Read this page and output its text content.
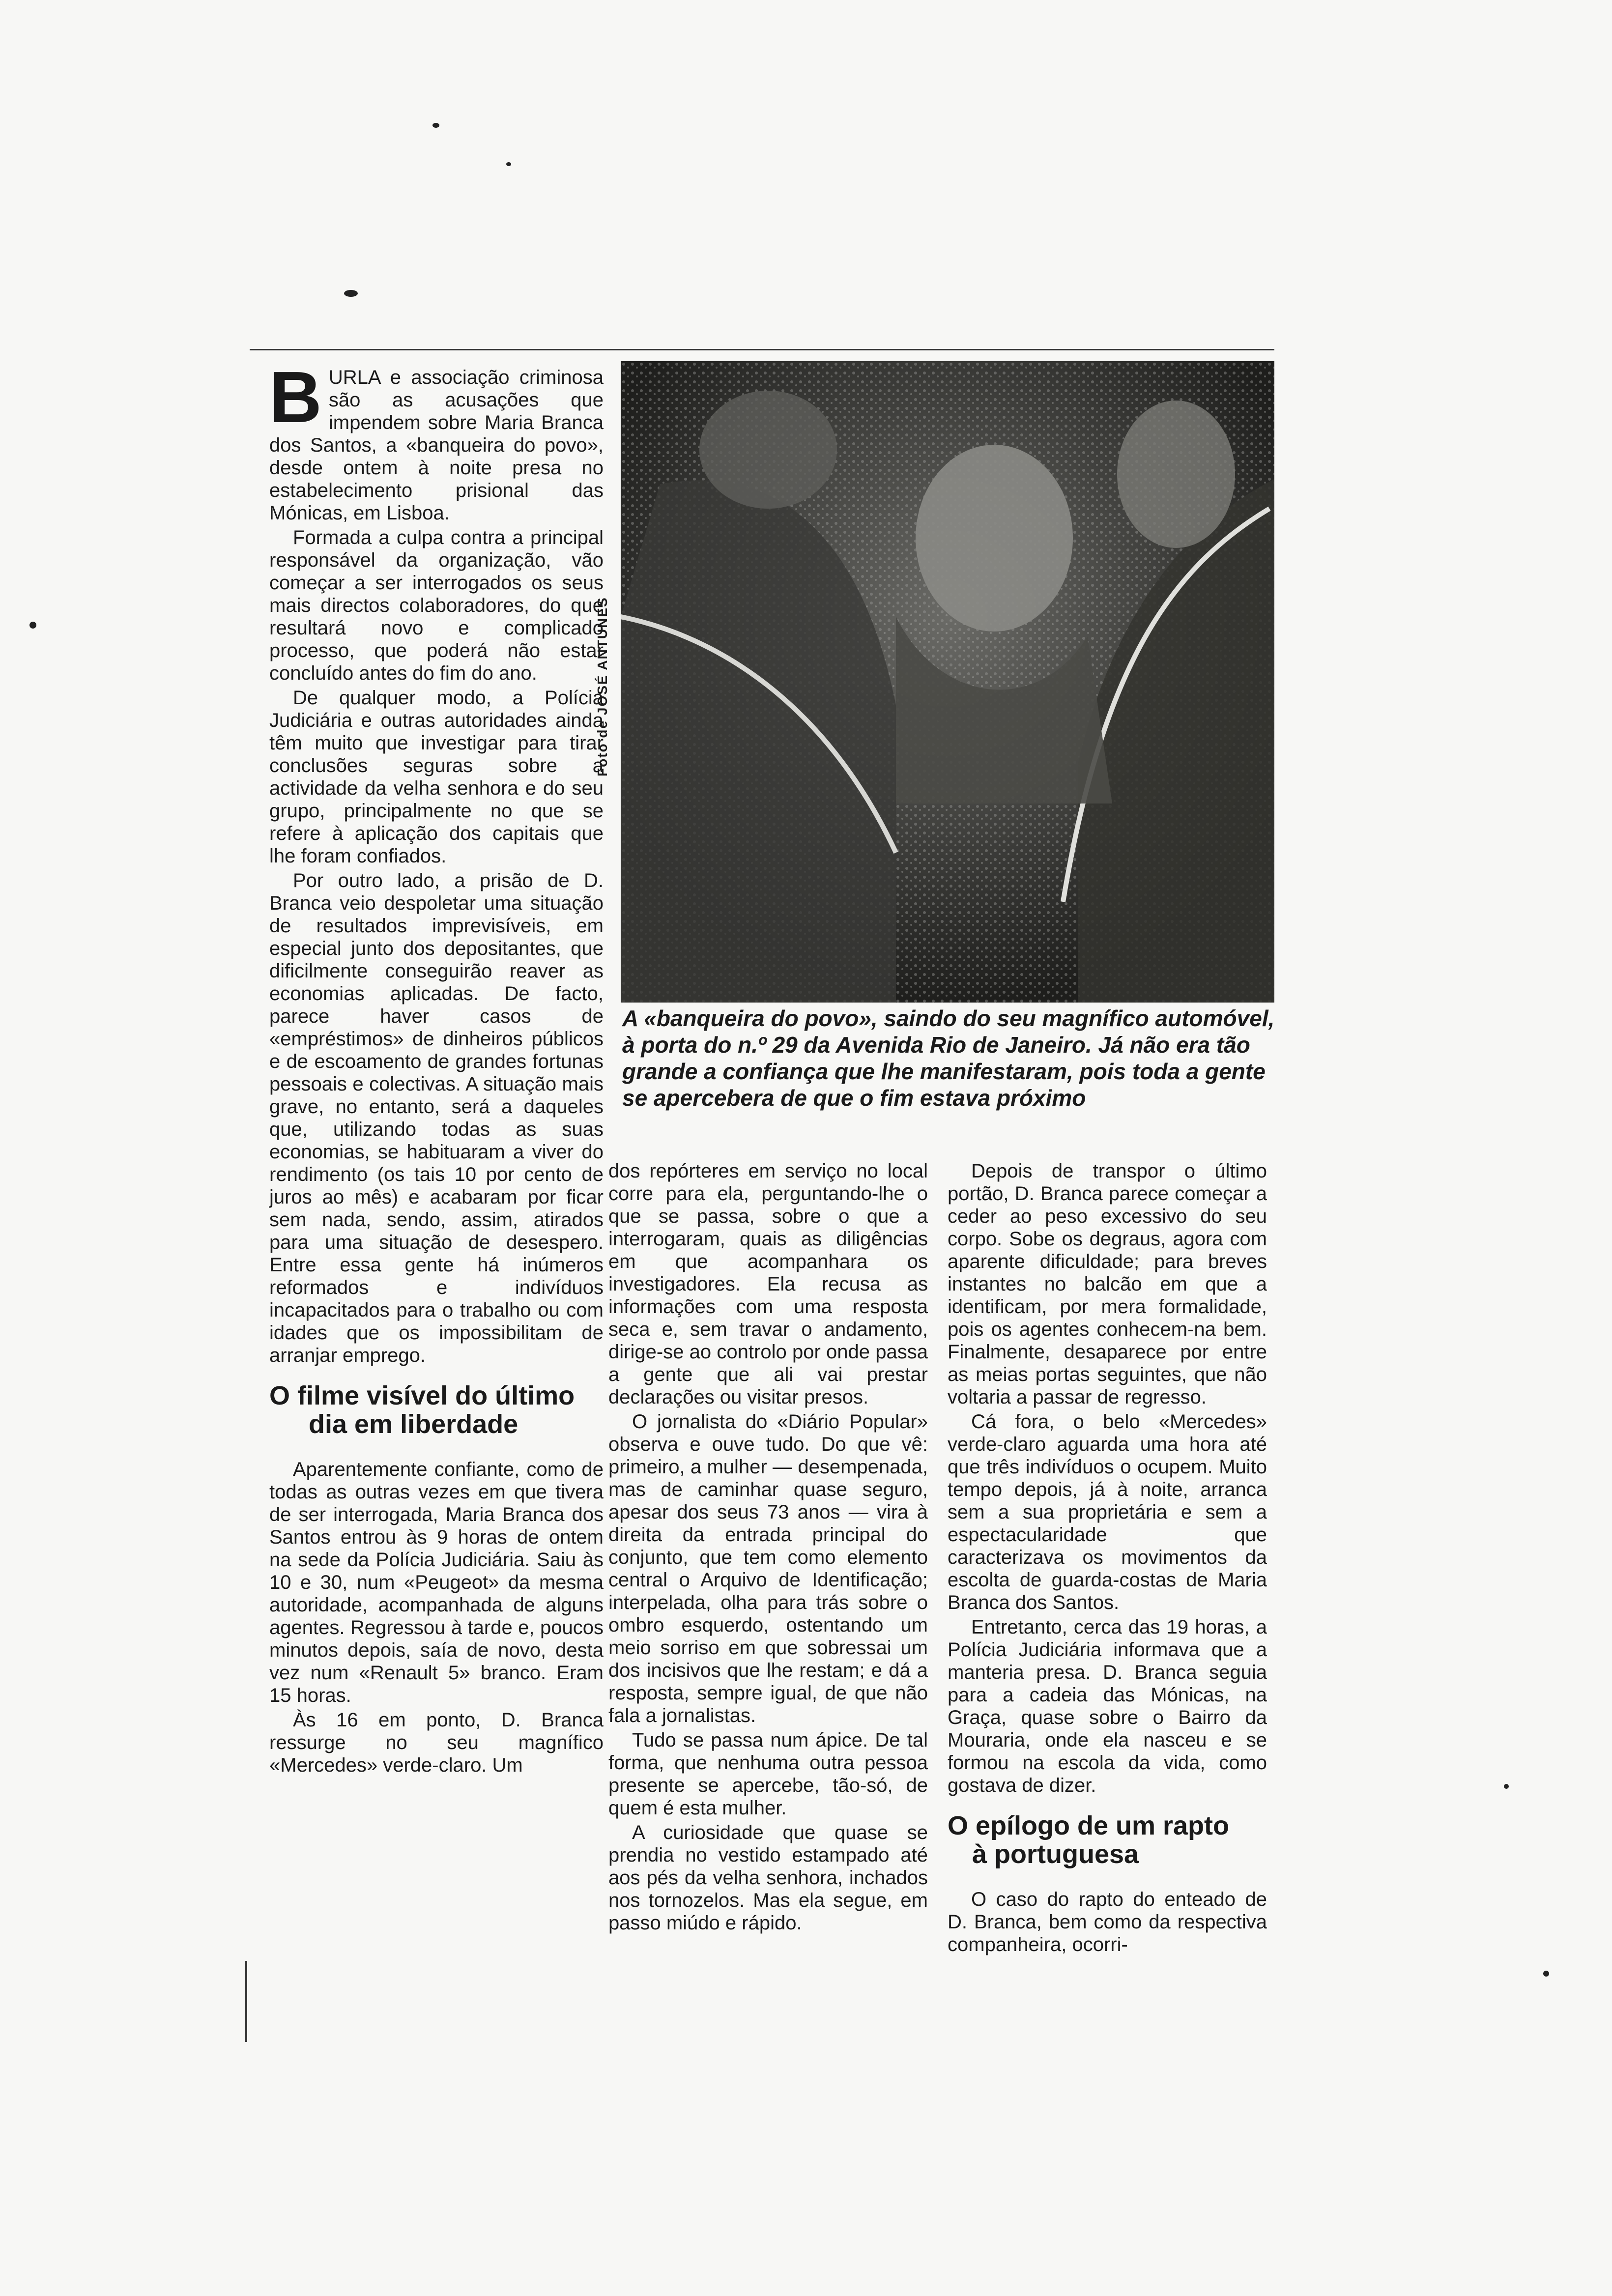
BURLA e associação criminosa são as acusações que impendem sobre Maria Branca dos Santos, a «banqueira do povo», desde ontem à noite presa no estabelecimento prisional das Mónicas, em Lisboa.

Formada a culpa contra a principal responsável da organização, vão começar a ser interrogados os seus mais directos colaboradores, do que resultará novo e complicado processo, que poderá não estar concluído antes do fim do ano.

De qualquer modo, a Polícia Judiciária e outras autoridades ainda têm muito que investigar para tirar conclusões seguras sobre a actividade da velha senhora e do seu grupo, principalmente no que se refere à aplicação dos capitais que lhe foram confiados.

Por outro lado, a prisão de D. Branca veio despoletar uma situação de resultados imprevisíveis, em especial junto dos depositantes, que dificilmente conseguirão reaver as economias aplicadas. De facto, parece haver casos de «empréstimos» de dinheiros públicos e de escoamento de grandes fortunas pessoais e colectivas. A situação mais grave, no entanto, será a daqueles que, utilizando todas as suas economias, se habituaram a viver do rendimento (os tais 10 por cento de juros ao mês) e acabaram por ficar sem nada, sendo, assim, atirados para uma situação de desespero. Entre essa gente há inúmeros reformados e indivíduos incapacitados para o trabalho ou com idades que os impossibilitam de arranjar emprego.

O filme visível do último
dia em liberdade

Aparentemente confiante, como de todas as outras vezes em que tivera de ser interrogada, Maria Branca dos Santos entrou às 9 horas de ontem na sede da Polícia Judiciária. Saiu às 10 e 30, num «Peugeot» da mesma autoridade, acompanhada de alguns agentes. Regressou à tarde e, poucos minutos depois, saía de novo, desta vez num «Renault 5» branco. Eram 15 horas.

Às 16 em ponto, D. Branca ressurge no seu magnífico «Mercedes» verde-claro. Um

Foto de JOSÉ ANTUNES
A «banqueira do povo», saindo do seu magnífico automóvel, à porta do n.º 29 da Avenida Rio de Janeiro. Já não era tão grande a confiança que lhe manifestaram, pois toda a gente se apercebera de que o fim estava próximo

dos repórteres em serviço no local corre para ela, perguntando-lhe o que se passa, sobre o que a interrogaram, quais as diligências em que acompanhara os investigadores. Ela recusa as informações com uma resposta seca e, sem travar o andamento, dirige-se ao controlo por onde passa a gente que ali vai prestar declarações ou visitar presos.

O jornalista do «Diário Popular» observa e ouve tudo. Do que vê: primeiro, a mulher — desempenada, mas de caminhar quase seguro, apesar dos seus 73 anos — vira à direita da entrada principal do conjunto, que tem como elemento central o Arquivo de Identificação; interpelada, olha para trás sobre o ombro esquerdo, ostentando um meio sorriso em que sobressai um dos incisivos que lhe restam; e dá a resposta, sempre igual, de que não fala a jornalistas.

Tudo se passa num ápice. De tal forma, que nenhuma outra pessoa presente se apercebe, tão-só, de quem é esta mulher.

A curiosidade que quase se prendia no vestido estampado até aos pés da velha senhora, inchados nos tornozelos. Mas ela segue, em passo miúdo e rápido.

Depois de transpor o último portão, D. Branca parece começar a ceder ao peso excessivo do seu corpo. Sobe os degraus, agora com aparente dificuldade; para breves instantes no balcão em que a identificam, por mera formalidade, pois os agentes conhecem-na bem. Finalmente, desaparece por entre as meias portas seguintes, que não voltaria a passar de regresso.

Cá fora, o belo «Mercedes» verde-claro aguarda uma hora até que três indivíduos o ocupem. Muito tempo depois, já à noite, arranca sem a sua proprietária e sem a espectacularidade que caracterizava os movimentos da escolta de guarda-costas de Maria Branca dos Santos.

Entretanto, cerca das 19 horas, a Polícia Judiciária informava que a manteria presa. D. Branca seguia para a cadeia das Mónicas, na Graça, quase sobre o Bairro da Mouraria, onde ela nasceu e se formou na escola da vida, como gostava de dizer.

O epílogo de um rapto
à portuguesa

O caso do rapto do enteado de D. Branca, bem como da respectiva companheira, ocorri-
